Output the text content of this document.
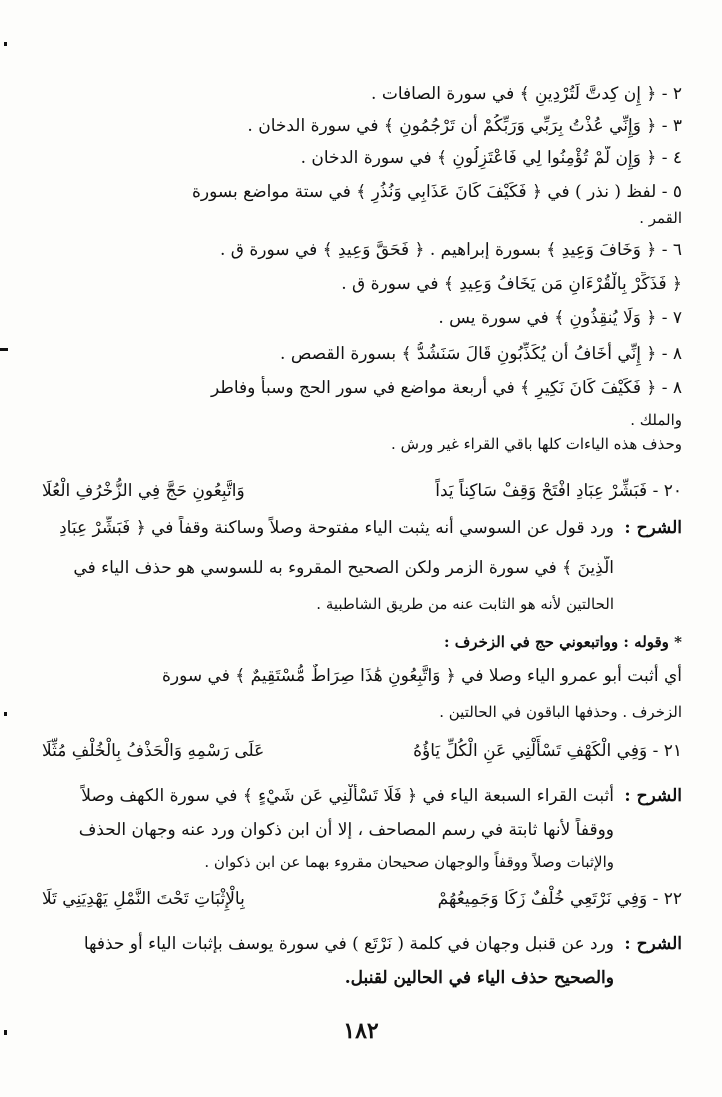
٢ - ﴿ إِن كِدتَّ لَتُرْدِينِ ﴾ في سورة الصافات .
٣ - ﴿ وَإِنِّي عُذْتُ بِرَبِّي وَرَبِّكُمْ أَن تَرْجُمُونِ ﴾ في سورة الدخان .
٤ - ﴿ وَإِن لَّمْ تُؤْمِنُوا لِي فَاعْتَزِلُونِ ﴾ في سورة الدخان .
٥ - لفظ ( نذر ) في ﴿ فَكَيْفَ كَانَ عَذَابِي وَنُذُرِ ﴾ في ستة مواضع بسورة
القمر .
٦ - ﴿ وَخَافَ وَعِيدِ ﴾ بسورة إبراهيم . ﴿ فَحَقَّ وَعِيدِ ﴾ في سورة ق .
﴿ فَذَكِّرْ بِالْقُرْءَانِ مَن يَخَافُ وَعِيدِ ﴾ في سورة ق .
٧ - ﴿ وَلَا يُنقِذُونِ ﴾ في سورة يس .
٨ - ﴿ إِنِّي أَخَافُ أَن يُكَذِّبُونِ قَالَ سَنَشُدُّ ﴾ بسورة القصص .
٨ - ﴿ فَكَيْفَ كَانَ نَكِيرِ ﴾ في أربعة مواضع في سور الحج وسبأ وفاطر
والملك .
وحذف هذه الياءات كلها باقي القراء غير ورش .
٢٠ - فَبَشِّرْ عِبَادِ افْتَحْ وَقِفْ سَاكِناً يَداً
وَاتَّبِعُونِ حَجَّ فِي الزُّخْرُفِ الْعُلَا
الشرح :
ورد قول عن السوسي أنه يثبت الياء مفتوحة وصلاً وساكنة وقفاً في ﴿ فَبَشِّرْ عِبَادِ
الَّذِينَ ﴾ في سورة الزمر ولكن الصحيح المقروء به للسوسي هو حذف الياء في
الحالتين لأنه هو الثابت عنه من طريق الشاطبية .
* وقوله : وواتبعوني حج في الزخرف :
أي أثبت أبو عمرو الياء وصلا في ﴿ وَاتَّبِعُونِ هَٰذَا صِرَاطٌ مُّسْتَقِيمٌ ﴾ في سورة
الزخرف . وحذفها الباقون في الحالتين .
٢١ - وَفِي الْكَهْفِ تَسْأَلْنِي عَنِ الْكُلِّ يَاؤُهُ
عَلَى رَسْمِهِ وَالْحَذْفُ بِالْخُلْفِ مُثِّلَا
الشرح :
أثبت القراء السبعة الياء في ﴿ فَلَا تَسْأَلْنِي عَن شَيْءٍ ﴾ في سورة الكهف وصلاً
ووقفاً لأنها ثابتة في رسم المصاحف ، إلا أن ابن ذكوان ورد عنه وجهان الحذف
والإثبات وصلاً ووقفاً والوجهان صحيحان مقروء بهما عن ابن ذكوان .
٢٢ - وَفِي نَرْتَعِي خُلْفٌ زَكَا وَجَمِيعُهُمْ
بِالْإِثْبَاتِ تَحْتَ النَّمْلِ يَهْدِيَنِي تَلَا
الشرح :
ورد عن قنبل وجهان في كلمة ( نَرْتَع ) في سورة يوسف بإثبات الياء أو حذفها
والصحيح حذف الياء في الحالين لقنبل.
١٨٢
